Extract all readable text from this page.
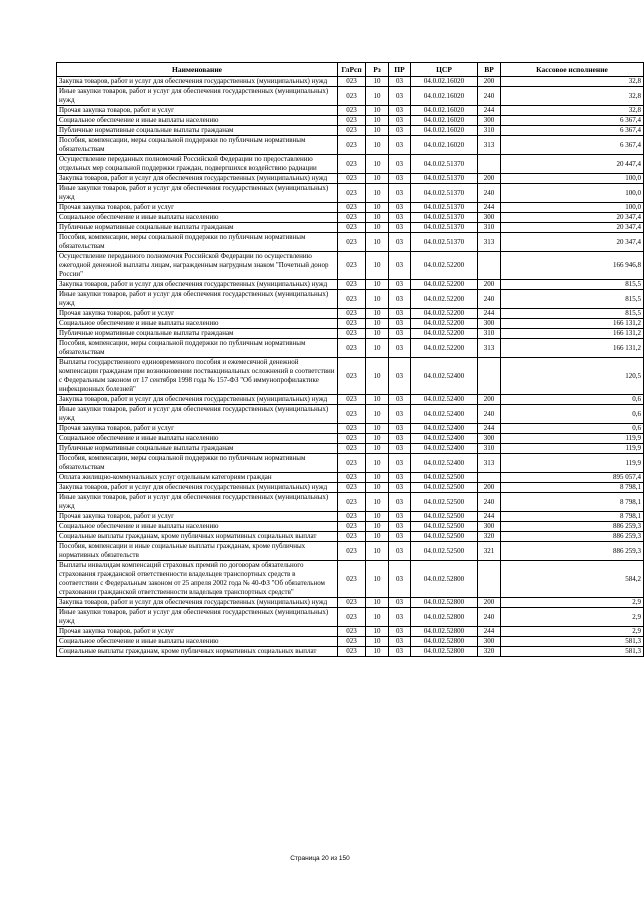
Наименование	ГлРсп	Рз	ПР	ЦСР	ВР	Кассовое исполнение
Закупка товаров, работ и услуг для обеспечения государственных (муниципальных) нужд	023	10	03	04.0.02.16020	200	32,8
Иные закупки товаров, работ и услуг для обеспечения государственных (муниципальных) нужд	023	10	03	04.0.02.16020	240	32,8
Прочая закупка товаров, работ и услуг	023	10	03	04.0.02.16020	244	32,8
Социальное обеспечение и иные выплаты населению	023	10	03	04.0.02.16020	300	6 367,4
Публичные нормативные социальные выплаты гражданам	023	10	03	04.0.02.16020	310	6 367,4
Пособия, компенсации, меры социальной поддержки по публичным нормативным обязательствам	023	10	03	04.0.02.16020	313	6 367,4
Осуществление переданных полномочий Российской Федерации по предоставлению отдельных мер социальной поддержки граждан, подвергшихся воздействию радиации	023	10	03	04.0.02.51370		20 447,4
Закупка товаров, работ и услуг для обеспечения государственных (муниципальных) нужд	023	10	03	04.0.02.51370	200	100,0
Иные закупки товаров, работ и услуг для обеспечения государственных (муниципальных) нужд	023	10	03	04.0.02.51370	240	100,0
Прочая закупка товаров, работ и услуг	023	10	03	04.0.02.51370	244	100,0
Социальное обеспечение и иные выплаты населению	023	10	03	04.0.02.51370	300	20 347,4
Публичные нормативные социальные выплаты гражданам	023	10	03	04.0.02.51370	310	20 347,4
Пособия, компенсации, меры социальной поддержки по публичным нормативным обязательствам	023	10	03	04.0.02.51370	313	20 347,4
Осуществление переданного полномочия Российской Федерации по осуществлению ежегодной денежной выплаты лицам, награжденным нагрудным знаком "Почетный донор России"	023	10	03	04.0.02.52200		166 946,8
Закупка товаров, работ и услуг для обеспечения государственных (муниципальных) нужд	023	10	03	04.0.02.52200	200	815,5
Иные закупки товаров, работ и услуг для обеспечения государственных (муниципальных) нужд	023	10	03	04.0.02.52200	240	815,5
Прочая закупка товаров, работ и услуг	023	10	03	04.0.02.52200	244	815,5
Социальное обеспечение и иные выплаты населению	023	10	03	04.0.02.52200	300	166 131,2
Публичные нормативные социальные выплаты гражданам	023	10	03	04.0.02.52200	310	166 131,2
Пособия, компенсации, меры социальной поддержки по публичным нормативным обязательствам	023	10	03	04.0.02.52200	313	166 131,2
Выплаты государственного единовременного пособия и ежемесячной денежной компенсации гражданам при возникновении поствакцинальных осложнений в соответствии с Федеральным законом от 17 сентября 1998 года № 157-ФЗ "Об иммунопрофилактике инфекционных болезней"	023	10	03	04.0.02.52400		120,5
Закупка товаров, работ и услуг для обеспечения государственных (муниципальных) нужд	023	10	03	04.0.02.52400	200	0,6
Иные закупки товаров, работ и услуг для обеспечения государственных (муниципальных) нужд	023	10	03	04.0.02.52400	240	0,6
Прочая закупка товаров, работ и услуг	023	10	03	04.0.02.52400	244	0,6
Социальное обеспечение и иные выплаты населению	023	10	03	04.0.02.52400	300	119,9
Публичные нормативные социальные выплаты гражданам	023	10	03	04.0.02.52400	310	119,9
Пособия, компенсации, меры социальной поддержки по публичным нормативным обязательствам	023	10	03	04.0.02.52400	313	119,9
Оплата жилищно-коммунальных услуг отдельным категориям граждан	023	10	03	04.0.02.52500		895 057,4
Закупка товаров, работ и услуг для обеспечения государственных (муниципальных) нужд	023	10	03	04.0.02.52500	200	8 798,1
Иные закупки товаров, работ и услуг для обеспечения государственных (муниципальных) нужд	023	10	03	04.0.02.52500	240	8 798,1
Прочая закупка товаров, работ и услуг	023	10	03	04.0.02.52500	244	8 798,1
Социальное обеспечение и иные выплаты населению	023	10	03	04.0.02.52500	300	886 259,3
Социальные выплаты гражданам, кроме публичных нормативных социальных выплат	023	10	03	04.0.02.52500	320	886 259,3
Пособия, компенсации и иные социальные выплаты гражданам, кроме публичных нормативных обязательств	023	10	03	04.0.02.52500	321	886 259,3
Выплаты инвалидам компенсаций страховых премий по договорам обязательного страхования гражданской ответственности владельцев транспортных средств в соответствии с Федеральным законом от 25 апреля 2002 года № 40-ФЗ "Об обязательном страховании гражданской ответственности владельцев транспортных средств"	023	10	03	04.0.02.52800		584,2
Закупка товаров, работ и услуг для обеспечения государственных (муниципальных) нужд	023	10	03	04.0.02.52800	200	2,9
Иные закупки товаров, работ и услуг для обеспечения государственных (муниципальных) нужд	023	10	03	04.0.02.52800	240	2,9
Прочая закупка товаров, работ и услуг	023	10	03	04.0.02.52800	244	2,9
Социальное обеспечение и иные выплаты населению	023	10	03	04.0.02.52800	300	581,3
Социальные выплаты гражданам, кроме публичных нормативных социальных выплат	023	10	03	04.0.02.52800	320	581,3
Страница 20 из 150
